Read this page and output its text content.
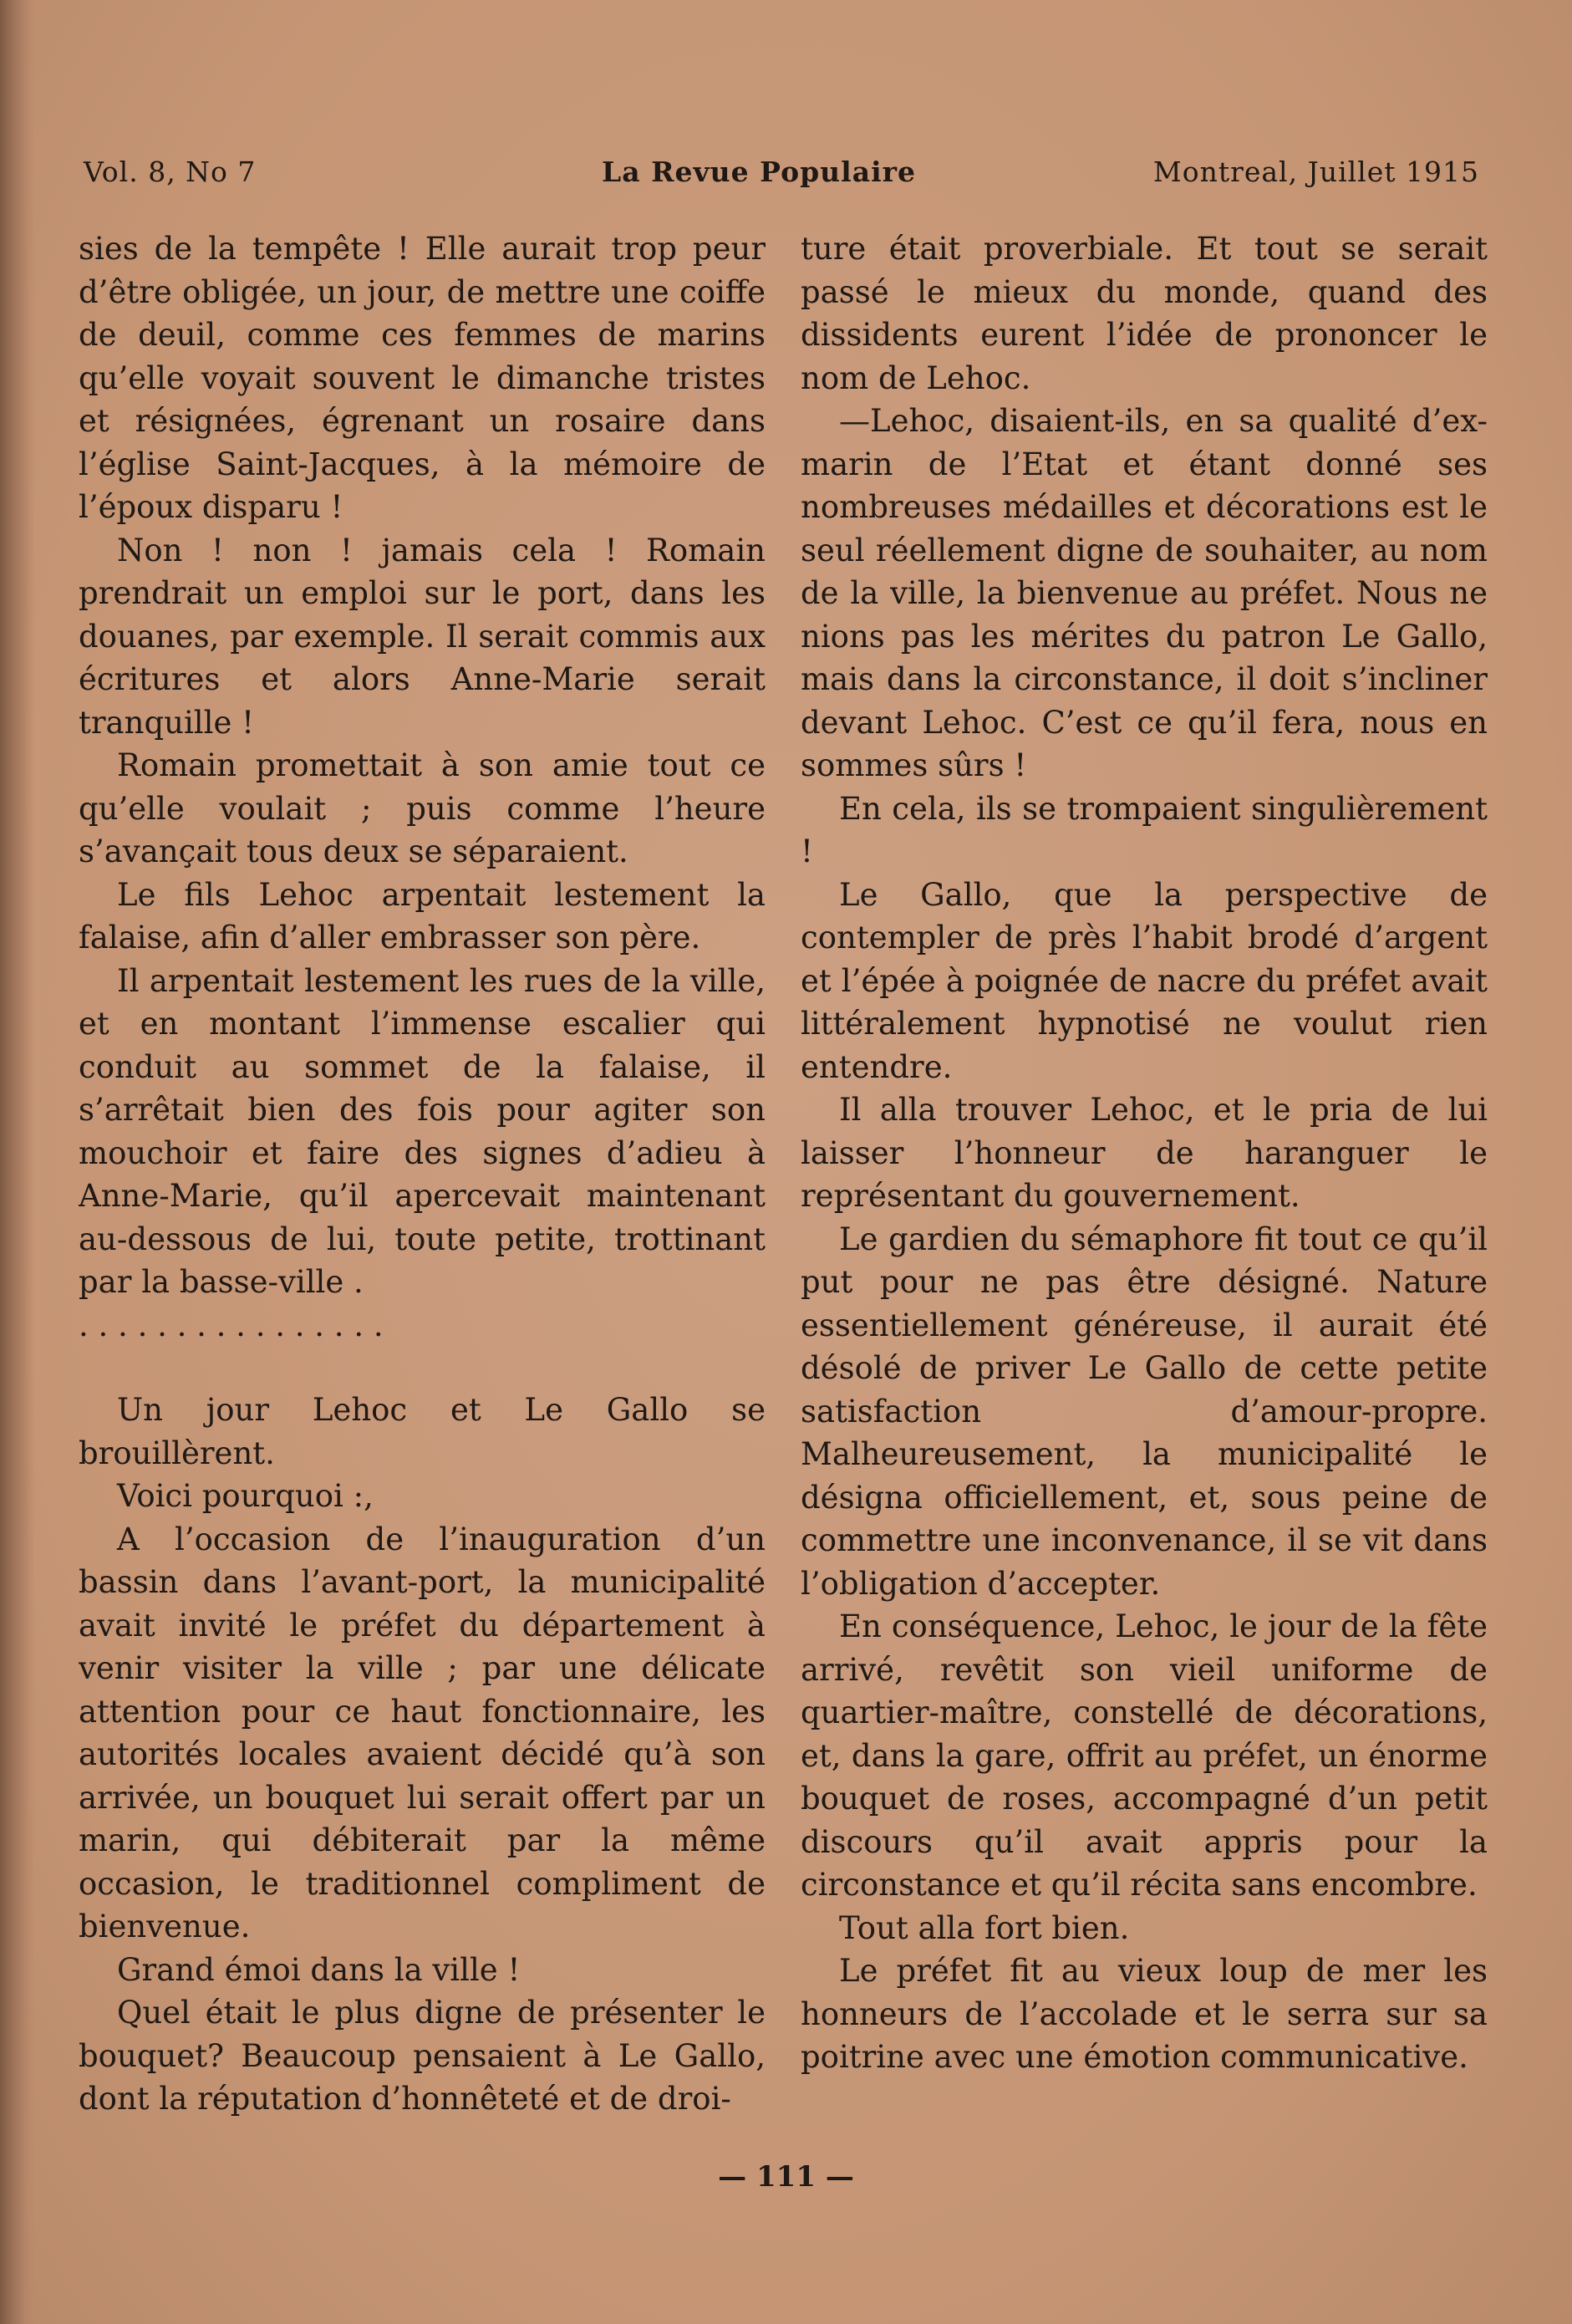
Vol. 8, No 7	La Revue Populaire	Montreal, Juillet 1915

sies de la tempête ! Elle aurait trop peur d’être obligée, un jour, de mettre une coiffe de deuil, comme ces femmes de marins qu’elle voyait souvent le dimanche tristes et résignées, égrenant un rosaire dans l’église Saint-Jacques, à la mémoire de l’époux disparu !

Non ! non ! jamais cela ! Romain prendrait un emploi sur le port, dans les douanes, par exemple. Il serait commis aux écritures et alors Anne-Marie serait tranquille !

Romain promettait à son amie tout ce qu’elle voulait ; puis comme l’heure s’avançait tous deux se séparaient.

Le fils Lehoc arpentait lestement la falaise, afin d’aller embrasser son père.

Il arpentait lestement les rues de la ville, et en montant l’immense escalier qui conduit au sommet de la falaise, il s’arrêtait bien des fois pour agiter son mouchoir et faire des signes d’adieu à Anne-Marie, qu’il apercevait maintenant au-dessous de lui, toute petite, trottinant par la basse-ville .

. . . . . . . . . . . . . . . .

Un jour Lehoc et Le Gallo se brouillèrent.

Voici pourquoi :,

A l’occasion de l’inauguration d’un bassin dans l’avant-port, la municipalité avait invité le préfet du département à venir visiter la ville ; par une délicate attention pour ce haut fonctionnaire, les autorités locales avaient décidé qu’à son arrivée, un bouquet lui serait offert par un marin, qui débiterait par la même occasion, le traditionnel compliment de bienvenue.

Grand émoi dans la ville !

Quel était le plus digne de présenter le bouquet? Beaucoup pensaient à Le Gallo, dont la réputation d’honnêteté et de droi-

ture était proverbiale. Et tout se serait passé le mieux du monde, quand des dissidents eurent l’idée de prononcer le nom de Lehoc.

—Lehoc, disaient-ils, en sa qualité d’ex-marin de l’Etat et étant donné ses nombreuses médailles et décorations est le seul réellement digne de souhaiter, au nom de la ville, la bienvenue au préfet. Nous ne nions pas les mérites du patron Le Gallo, mais dans la circonstance, il doit s’incliner devant Lehoc. C’est ce qu’il fera, nous en sommes sûrs !

En cela, ils se trompaient singulièrement !

Le Gallo, que la perspective de contempler de près l’habit brodé d’argent et l’épée à poignée de nacre du préfet avait littéralement hypnotisé ne voulut rien entendre.

Il alla trouver Lehoc, et le pria de lui laisser l’honneur de haranguer le représentant du gouvernement.

Le gardien du sémaphore fit tout ce qu’il put pour ne pas être désigné. Nature essentiellement généreuse, il aurait été désolé de priver Le Gallo de cette petite satisfaction d’amour-propre. Malheureusement, la municipalité le désigna officiellement, et, sous peine de commettre une inconvenance, il se vit dans l’obligation d’accepter.

En conséquence, Lehoc, le jour de la fête arrivé, revêtit son vieil uniforme de quartier-maître, constellé de décorations, et, dans la gare, offrit au préfet, un énorme bouquet de roses, accompagné d’un petit discours qu’il avait appris pour la circonstance et qu’il récita sans encombre.

Tout alla fort bien.

Le préfet fit au vieux loup de mer les honneurs de l’accolade et le serra sur sa poitrine avec une émotion communicative.

— 111 —
